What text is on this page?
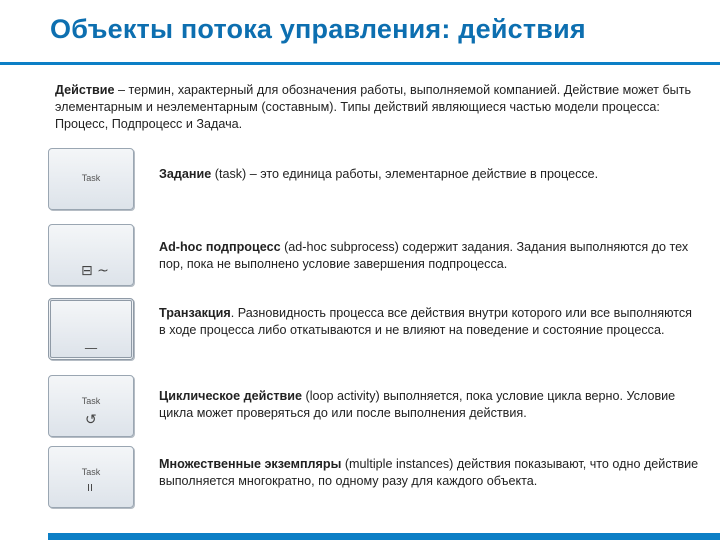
Объекты потока управления: действия
Действие – термин, характерный для обозначения работы, выполняемой компанией. Действие может быть элементарным и неэлементарным (составным). Типы действий являющиеся частью модели процесса: Процесс, Подпроцесс и Задача.
Task	Задание (task) – это единица работы, элементарное действие в процессе.
⊟ ~
Ad-hoc подпроцесс (ad-hoc subprocess) содержит задания. Задания выполняются до тех пор, пока не выполнено условие завершения подпроцесса.
__
Транзакция. Разновидность процесса все действия внутри которого или все выполняются в ходе процесса либо откатываются и не влияют на поведение и состояние процесса.
Task
↺
Циклическое действие (loop activity) выполняется, пока условие цикла верно. Условие цикла может проверяться до или после выполнения действия.
Task
II
Множественные экземпляры (multiple instances) действия показывают, что одно действие выполняется многократно, по одному разу для каждого объекта.
